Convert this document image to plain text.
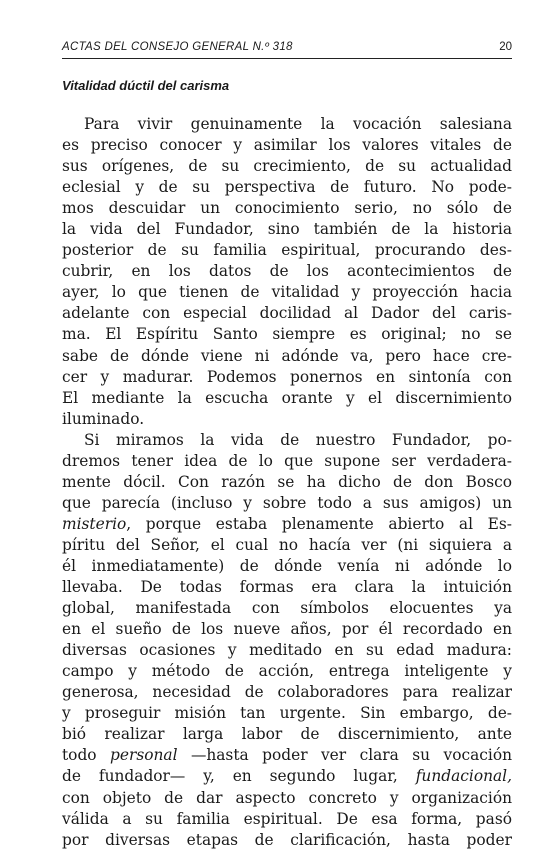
ACTAS DEL CONSEJO GENERAL N.º 318	20
Vitalidad dúctil del carisma
Para vivir genuinamente la vocación salesiana
es preciso conocer y asimilar los valores vitales de
sus orígenes, de su crecimiento, de su actualidad
eclesial y de su perspectiva de futuro. No pode-
mos descuidar un conocimiento serio, no sólo de
la vida del Fundador, sino también de la historia
posterior de su familia espiritual, procurando des-
cubrir, en los datos de los acontecimientos de
ayer, lo que tienen de vitalidad y proyección hacia
adelante con especial docilidad al Dador del caris-
ma. El Espíritu Santo siempre es original; no se
sabe de dónde viene ni adónde va, pero hace cre-
cer y madurar. Podemos ponernos en sintonía con
El mediante la escucha orante y el discernimiento
iluminado.
Si miramos la vida de nuestro Fundador, po-
dremos tener idea de lo que supone ser verdadera-
mente dócil. Con razón se ha dicho de don Bosco
que parecía (incluso y sobre todo a sus amigos) un
misterio, porque estaba plenamente abierto al Es-
píritu del Señor, el cual no hacía ver (ni siquiera a
él inmediatamente) de dónde venía ni adónde lo
llevaba. De todas formas era clara la intuición
global, manifestada con símbolos elocuentes ya
en el sueño de los nueve años, por él recordado en
diversas ocasiones y meditado en su edad madura:
campo y método de acción, entrega inteligente y
generosa, necesidad de colaboradores para realizar
y proseguir misión tan urgente. Sin embargo, de-
bió realizar larga labor de discernimiento, ante
todo personal —hasta poder ver clara su vocación
de fundador— y, en segundo lugar, fundacional,
con objeto de dar aspecto concreto y organización
válida a su familia espiritual. De esa forma, pasó
por diversas etapas de clarificación, hasta poder
